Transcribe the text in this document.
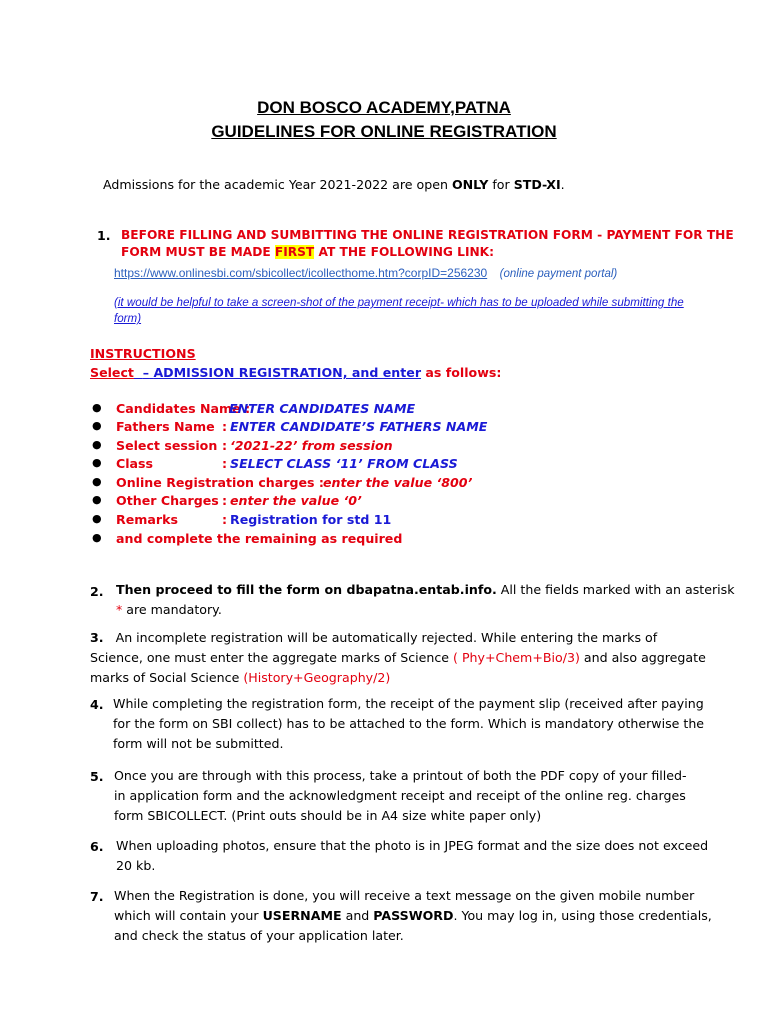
DON BOSCO ACADEMY,PATNA
GUIDELINES FOR ONLINE REGISTRATION
Admissions for the academic Year 2021-2022 are open ONLY for STD-XI.
1. BEFORE FILLING AND SUMBITTING THE ONLINE REGISTRATION FORM - PAYMENT FOR THE
FORM MUST BE MADE FIRST AT THE FOLLOWING LINK:
https://www.onlinesbi.com/sbicollect/icollecthome.htm?corpID=256230 (online payment portal)
(it would be helpful to take a screen-shot of the payment receipt- which has to be uploaded while submitting the
form)
INSTRUCTIONS
Select – ADMISSION REGISTRATION, and enter as follows:
● Candidates Name :
ENTER CANDIDATES NAME
● Fathers Name : ENTER CANDIDATE’S FATHERS NAME
● Select session : ‘2021-22’ from session
● Class	: SELECT CLASS ‘11’ FROM CLASS
● Online Registration charges : enter the value ‘800’
● Other Charges : enter the value ‘0’
● Remarks	: Registration for std 11
● and complete the remaining as required
2. Then proceed to fill the form on dbapatna.entab.info. All the fields marked with an asterisk
* are mandatory.
3. An incomplete registration will be automatically rejected. While entering the marks of
Science, one must enter the aggregate marks of Science ( Phy+Chem+Bio/3) and also aggregate
marks of Social Science (History+Geography/2)
4. While completing the registration form, the receipt of the payment slip (received after paying
for the form on SBI collect) has to be attached to the form. Which is mandatory otherwise the
form will not be submitted.
5. Once you are through with this process, take a printout of both the PDF copy of your filled-
in application form and the acknowledgment receipt and receipt of the online reg. charges
form SBICOLLECT. (Print outs should be in A4 size white paper only)
6. When uploading photos, ensure that the photo is in JPEG format and the size does not exceed
20 kb.
7. When the Registration is done, you will receive a text message on the given mobile number
which will contain your USERNAME and PASSWORD. You may log in, using those credentials,
and check the status of your application later.
